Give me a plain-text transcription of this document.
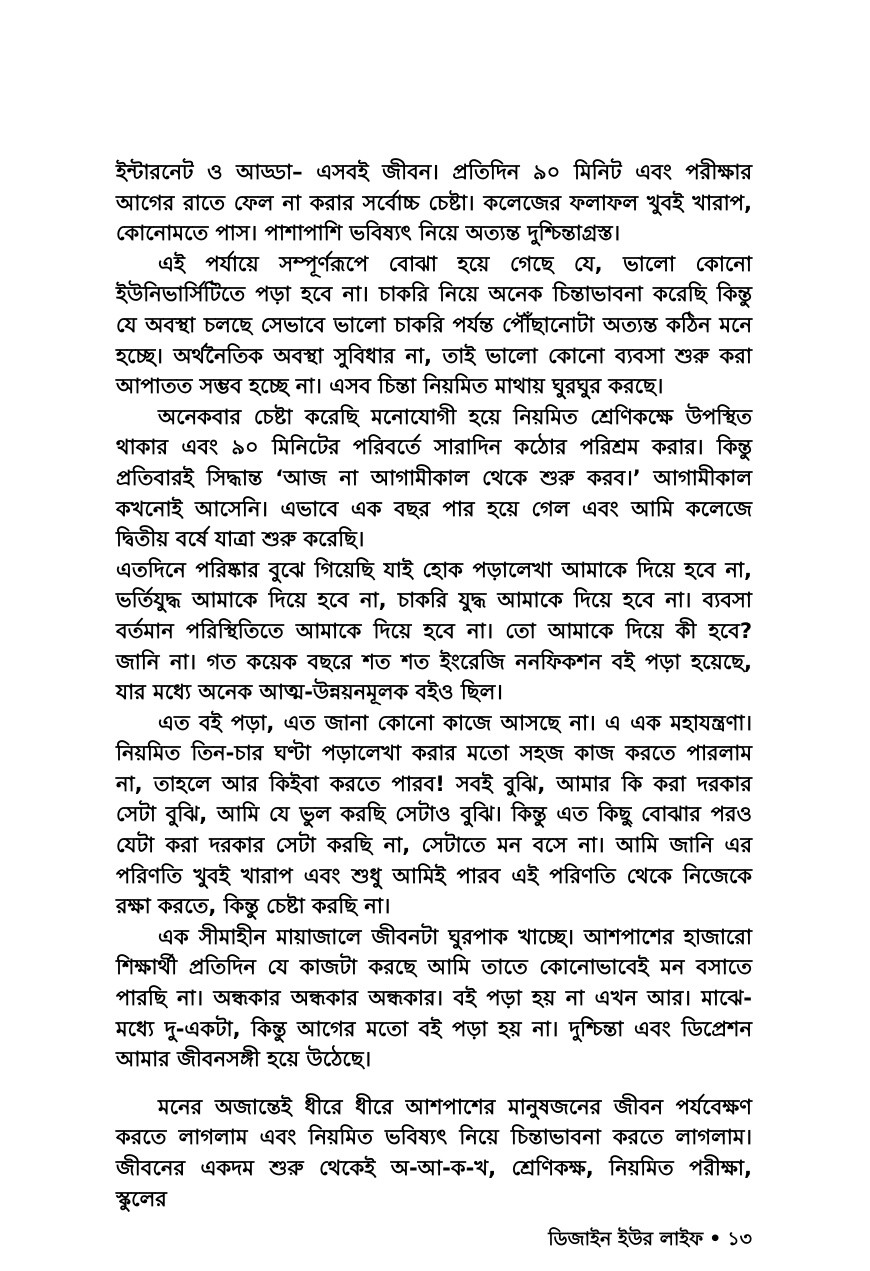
ইন্টারনেট ও আড্ডা– এসবই জীবন। প্রতিদিন ৯০ মিনিট এবং পরীক্ষার আগের রাতে ফেল না করার সর্বোচ্চ চেষ্টা। কলেজের ফলাফল খুবই খারাপ, কোনোমতে পাস। পাশাপাশি ভবিষ্যৎ নিয়ে অত্যন্ত দুশ্চিন্তাগ্রস্ত।

এই পর্যায়ে সম্পূর্ণরূপে বোঝা হয়ে গেছে যে, ভালো কোনো ইউনিভার্সিটিতে পড়া হবে না। চাকরি নিয়ে অনেক চিন্তাভাবনা করেছি কিন্তু যে অবস্থা চলছে সেভাবে ভালো চাকরি পর্যন্ত পৌঁছানোটা অত্যন্ত কঠিন মনে হচ্ছে। অর্থনৈতিক অবস্থা সুবিধার না, তাই ভালো কোনো ব্যবসা শুরু করা আপাতত সম্ভব হচ্ছে না। এসব চিন্তা নিয়মিত মাথায় ঘুরঘুর করছে।

অনেকবার চেষ্টা করেছি মনোযোগী হয়ে নিয়মিত শ্রেণিকক্ষে উপস্থিত থাকার এবং ৯০ মিনিটের পরিবর্তে সারাদিন কঠোর পরিশ্রম করার। কিন্তু প্রতিবারই সিদ্ধান্ত ‘আজ না আগামীকাল থেকে শুরু করব।’ আগামীকাল কখনোই আসেনি। এভাবে এক বছর পার হয়ে গেল এবং আমি কলেজে দ্বিতীয় বর্ষে যাত্রা শুরু করেছি।

এতদিনে পরিষ্কার বুঝে গিয়েছি যাই হোক পড়ালেখা আমাকে দিয়ে হবে না, ভর্তিযুদ্ধ আমাকে দিয়ে হবে না, চাকরি যুদ্ধ আমাকে দিয়ে হবে না। ব্যবসা বর্তমান পরিস্থিতিতে আমাকে দিয়ে হবে না। তো আমাকে দিয়ে কী হবে? জানি না। গত কয়েক বছরে শত শত ইংরেজি ননফিকশন বই পড়া হয়েছে, যার মধ্যে অনেক আত্ম-উন্নয়নমূলক বইও ছিল।

এত বই পড়া, এত জানা কোনো কাজে আসছে না। এ এক মহাযন্ত্রণা। নিয়মিত তিন-চার ঘণ্টা পড়ালেখা করার মতো সহজ কাজ করতে পারলাম না, তাহলে আর কিইবা করতে পারব! সবই বুঝি, আমার কি করা দরকার সেটা বুঝি, আমি যে ভুল করছি সেটাও বুঝি। কিন্তু এত কিছু বোঝার পরও যেটা করা দরকার সেটা করছি না, সেটাতে মন বসে না। আমি জানি এর পরিণতি খুবই খারাপ এবং শুধু আমিই পারব এই পরিণতি থেকে নিজেকে রক্ষা করতে, কিন্তু চেষ্টা করছি না।

এক সীমাহীন মায়াজালে জীবনটা ঘুরপাক খাচ্ছে। আশপাশের হাজারো শিক্ষার্থী প্রতিদিন যে কাজটা করছে আমি তাতে কোনোভাবেই মন বসাতে পারছি না। অন্ধকার অন্ধকার অন্ধকার। বই পড়া হয় না এখন আর। মাঝে-মধ্যে দু-একটা, কিন্তু আগের মতো বই পড়া হয় না। দুশ্চিন্তা এবং ডিপ্রেশন আমার জীবনসঙ্গী হয়ে উঠেছে।

মনের অজান্তেই ধীরে ধীরে আশপাশের মানুষজনের জীবন পর্যবেক্ষণ করতে লাগলাম এবং নিয়মিত ভবিষ্যৎ নিয়ে চিন্তাভাবনা করতে লাগলাম। জীবনের একদম শুরু থেকেই অ-আ-ক-খ, শ্রেণিকক্ষ, নিয়মিত পরীক্ষা, স্কুলের

ডিজাইন ইউর লাইফ • ১৩
